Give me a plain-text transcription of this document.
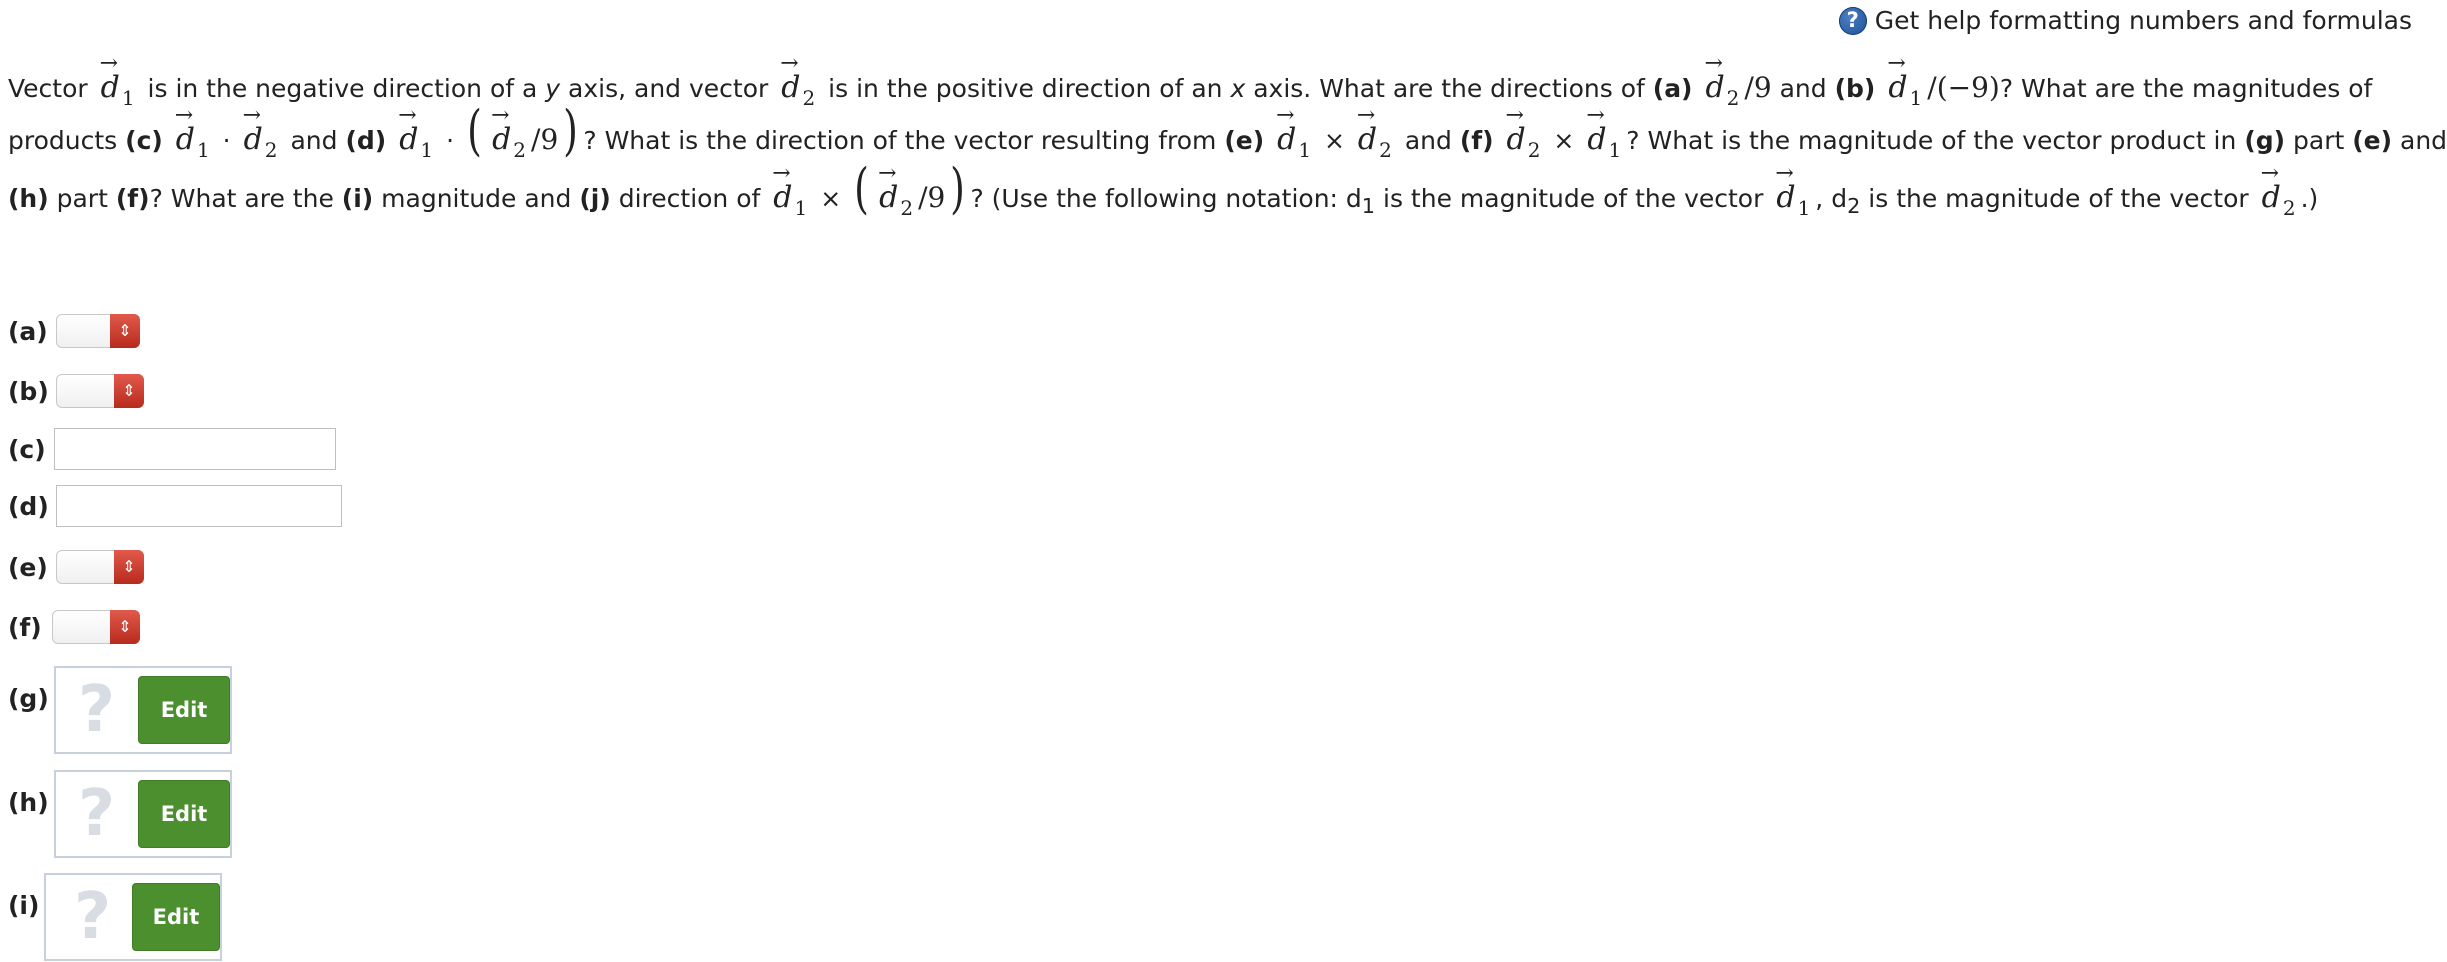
? Get help formatting numbers and formulas
Vector
→
d $_1$ is in the negative direction of a y axis, and vector
→
d $_2$ is in the positive direction of an x axis. What are the directions of (a)
→
d $_2$ /9 and (b)
→
d $_1$ /(−9)? What are the magnitudes of
products (c)
→
d $_1$ ·
→
d $_2$ and (d)
→
d $_1$ · ( →
d $_2$ /9) ? What is the direction of the vector resulting from (e)
→
d $_1$ ×
→
d $_2$ and (f)
→
d $_2$ ×
→
d $_1$ ? What is the magnitude of the vector product in (g) part (e) and
(h) part (f)? What are the (i) magnitude and (j) direction of
→
d $_1$ × ( →
d $_2$ /9) ? (Use the following notation: $d_1$ is the magnitude of the vector
→
d $_1$ , $d_2$ is the magnitude of the vector
→
d $_2$ .)
(a)	⇕
(b)	⇕
(c)
(d)
(e)	⇕
(f)	⇕
(g) ?	Edit
(h) ?	Edit
(i) ?	Edit
